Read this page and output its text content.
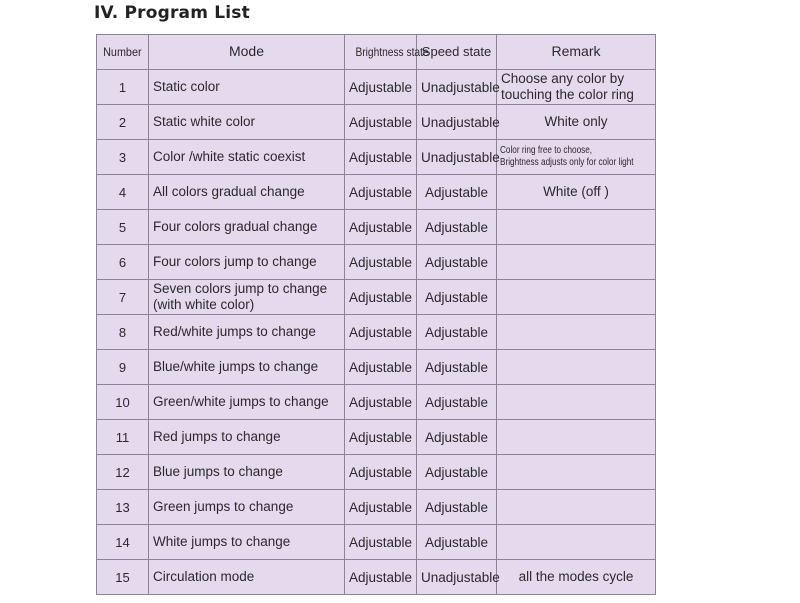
IV. Program List
Number	Mode	Brightness state	Speed state	Remark
1	Static color	Adjustable	Unadjustable	Choose any color by
touching the color ring

2	Static white color	Adjustable	Unadjustable	White only

3	Color /white static coexist	Adjustable	Unadjustable	Color ring free to choose,
Brightness adjusts only for color light

4	All colors gradual change	Adjustable	Adjustable	White (off )

5	Four colors gradual change	Adjustable	Adjustable	
6	Four colors jump to change	Adjustable	Adjustable	
7	Seven colors jump to change
(with white color)	Adjustable	Adjustable	
8	Red/white jumps to change	Adjustable	Adjustable	
9	Blue/white jumps to change	Adjustable	Adjustable	
10	Green/white jumps to change	Adjustable	Adjustable	
11	Red jumps to change	Adjustable	Adjustable	
12	Blue jumps to change	Adjustable	Adjustable	
13	Green jumps to change	Adjustable	Adjustable	
14	White jumps to change	Adjustable	Adjustable	
15	Circulation mode	Adjustable	Unadjustable	all the modes cycle
